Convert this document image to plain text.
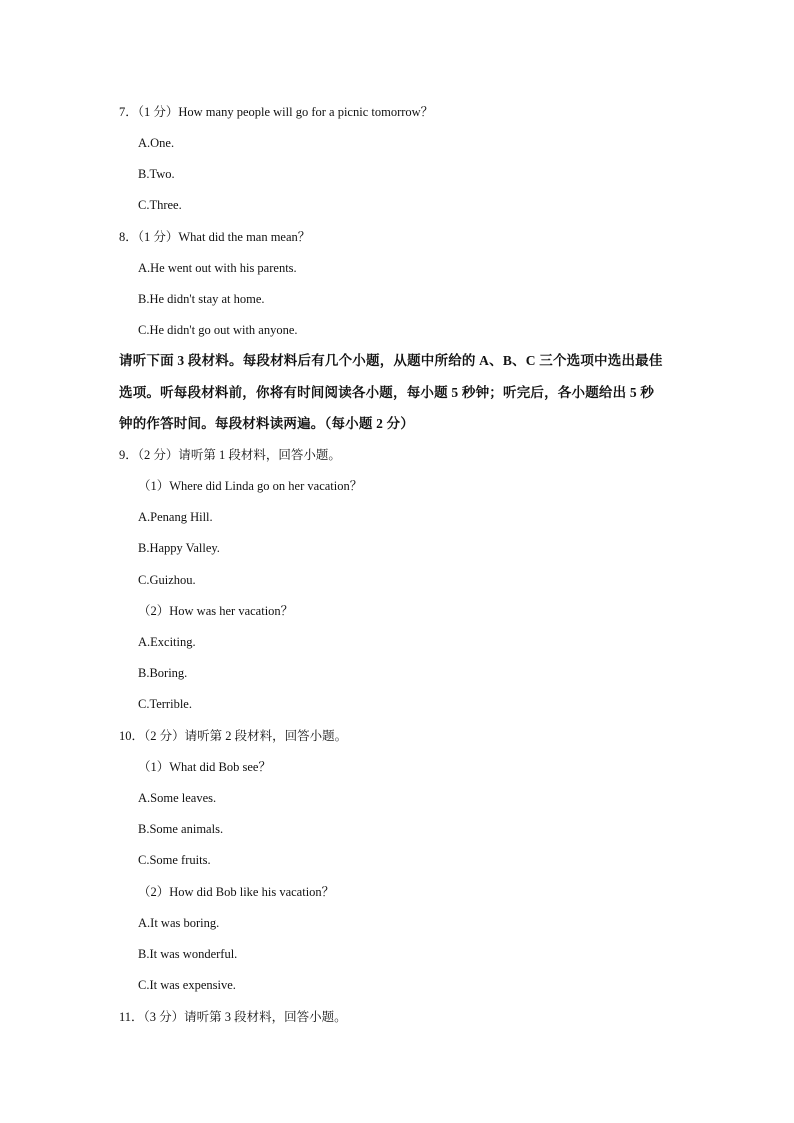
7．（1 分）How many people will go for a picnic tomorrow？
A.One.
B.Two.
C.Three.
8．（1 分）What did the man mean？
A.He went out with his parents.
B.He didn't stay at home.
C.He didn't go out with anyone.
请听下面 3 段材料。每段材料后有几个小题，从题中所给的 A、B、C 三个选项中选出最佳
选项。听每段材料前，你将有时间阅读各小题，每小题 5 秒钟；听完后，各小题给出 5 秒
钟的作答时间。每段材料读两遍。（每小题 2 分）
9．（2 分）请听第 1 段材料，回答小题。
（1）Where did Linda go on her vacation？
A.Penang Hill.
B.Happy Valley.
C.Guizhou.
（2）How was her vacation？
A.Exciting.
B.Boring.
C.Terrible.
10．（2 分）请听第 2 段材料，回答小题。
（1）What did Bob see？
A.Some leaves.
B.Some animals.
C.Some fruits.
（2）How did Bob like his vacation？
A.It was boring.
B.It was wonderful.
C.It was expensive.
11．（3 分）请听第 3 段材料，回答小题。
